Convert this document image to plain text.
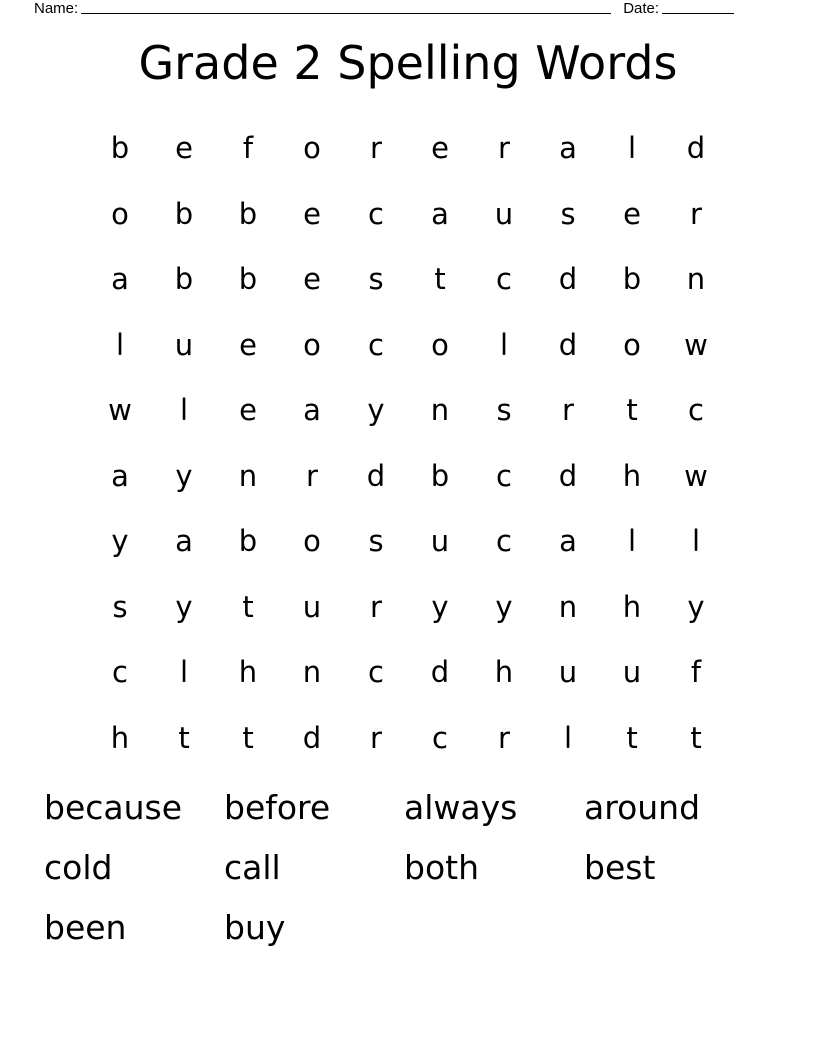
Name:	Date:
Grade 2 Spelling Words
b	e	f	o	r	e	r	a	l	d
o	b	b	e	c	a	u	s	e	r
a	b	b	e	s	t	c	d	b	n
l	u	e	o	c	o	l	d	o	w
w	l	e	a	y	n	s	r	t	c
a	y	n	r	d	b	c	d	h	w
y	a	b	o	s	u	c	a	l	l
s	y	t	u	r	y	y	n	h	y
c	l	h	n	c	d	h	u	u	f
h	t	t	d	r	c	r	l	t	t
because	before	always	around
cold	call	both	best
been	buy
